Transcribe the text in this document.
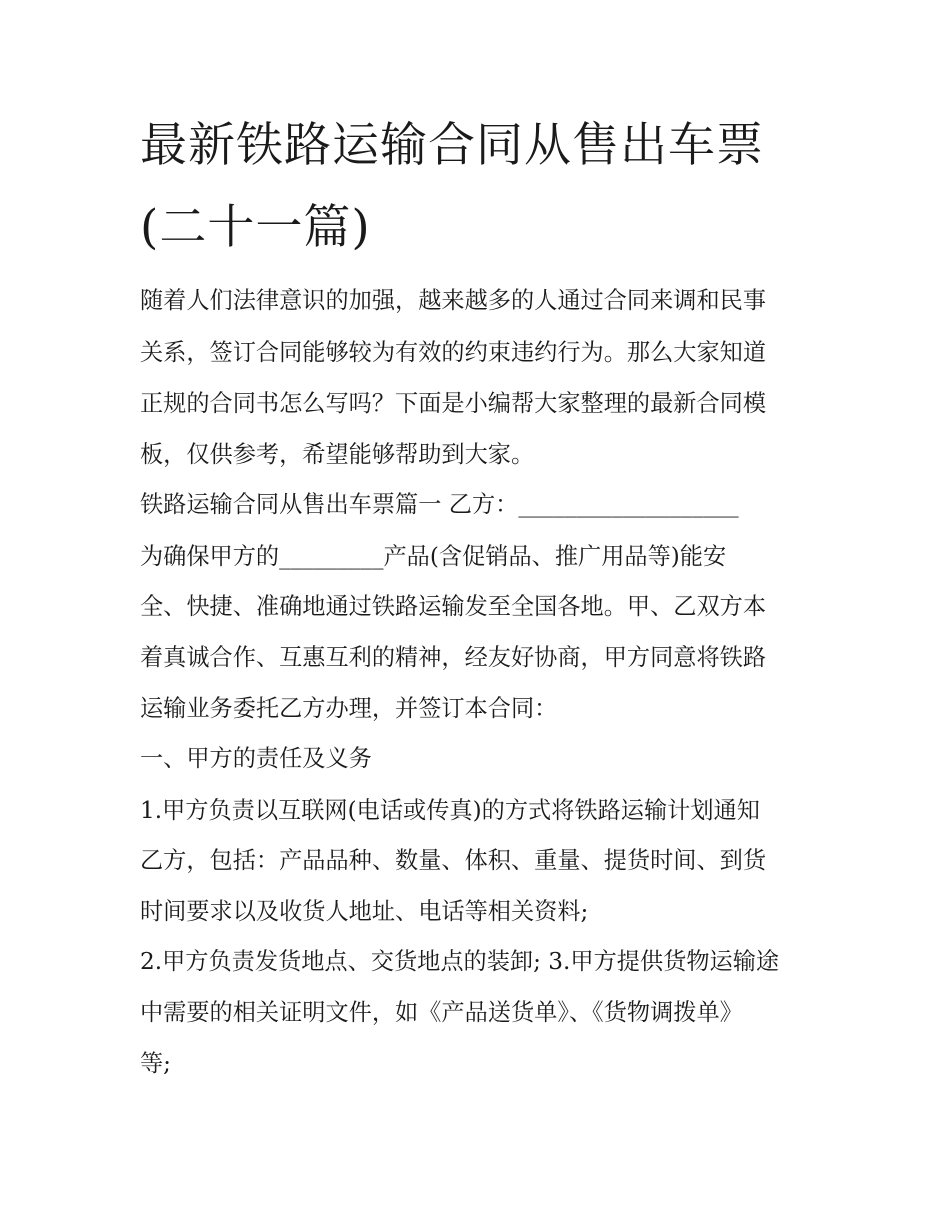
最新铁路运输合同从售出车票
(二十一篇)

随着人们法律意识的加强，越来越多的人通过合同来调和民事

关系，签订合同能够较为有效的约束违约行为。那么大家知道

正规的合同书怎么写吗？下面是小编帮大家整理的最新合同模

板，仅供参考，希望能够帮助到大家。

铁路运输合同从售出车票篇一 乙方：___________________

为确保甲方的_________产品(含促销品、推广用品等)能安

全、快捷、准确地通过铁路运输发至全国各地。甲、乙双方本

着真诚合作、互惠互利的精神，经友好协商，甲方同意将铁路

运输业务委托乙方办理，并签订本合同：

一、甲方的责任及义务

1.甲方负责以互联网(电话或传真)的方式将铁路运输计划通知

乙方，包括：产品品种、数量、体积、重量、提货时间、到货

时间要求以及收货人地址、电话等相关资料;

2.甲方负责发货地点、交货地点的装卸; 3.甲方提供货物运输途

中需要的相关证明文件，如《产品送货单》、《货物调拨单》

等;
